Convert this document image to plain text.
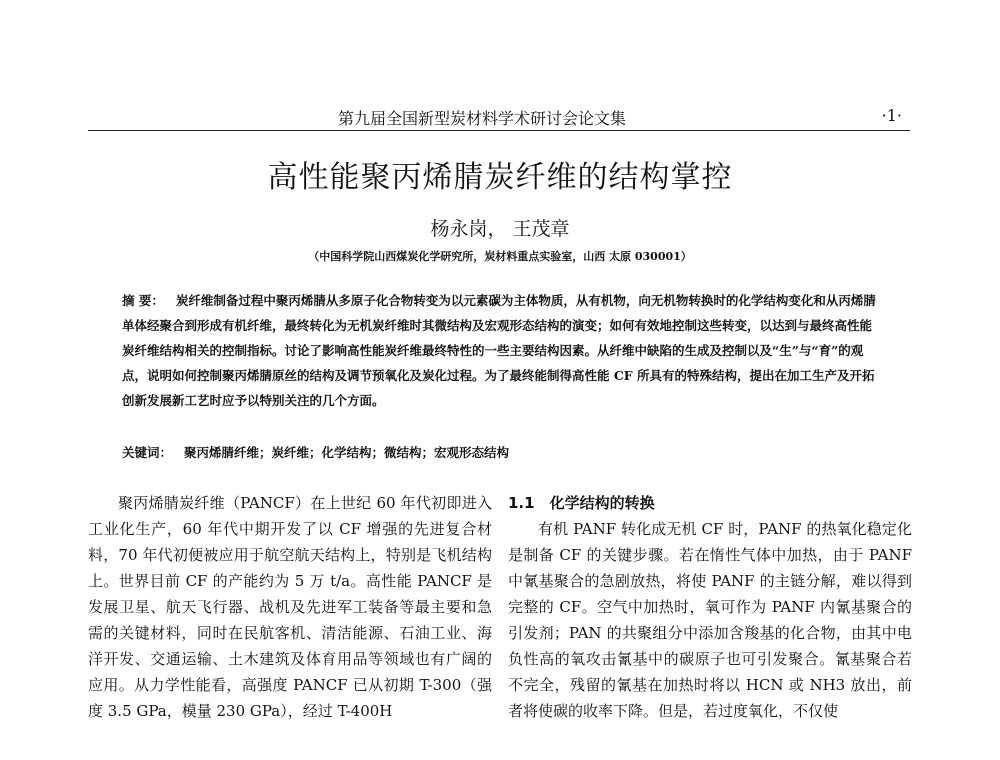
第九届全国新型炭材料学术研讨会论文集	·1·
高性能聚丙烯腈炭纤维的结构掌控
杨永岗， 王茂章
（中国科学院山西煤炭化学研究所，炭材料重点实验室，山西 太原 030001）

摘 要： 炭纤维制备过程中聚丙烯腈从多原子化合物转变为以元素碳为主体物质，从有机物，向无机物转换时的化学结构变化和从丙烯腈单体经聚合到形成有机纤维，最终转化为无机炭纤维时其微结构及宏观形态结构的演变；如何有效地控制这些转变，以达到与最终高性能炭纤维结构相关的控制指标。讨论了影响高性能炭纤维最终特性的一些主要结构因素。从纤维中缺陷的生成及控制以及“生”与“育”的观点，说明如何控制聚丙烯腈原丝的结构及调节预氧化及炭化过程。为了最终能制得高性能 CF 所具有的特殊结构，提出在加工生产及开拓创新发展新工艺时应予以特别关注的几个方面。

关键词： 聚丙烯腈纤维；炭纤维；化学结构；微结构；宏观形态结构

聚丙烯腈炭纤维（PANCF）在上世纪 60 年代初即进入工业化生产，60 年代中期开发了以 CF 增强的先进复合材料，70 年代初便被应用于航空航天结构上，特别是飞机结构上。世界目前 CF 的产能约为 5 万 t/a。高性能 PANCF 是发展卫星、航天飞行器、战机及先进军工装备等最主要和急需的关键材料，同时在民航客机、清洁能源、石油工业、海洋开发、交通运输、土木建筑及体育用品等领域也有广阔的应用。从力学性能看，高强度 PANCF 已从初期 T-300（强度 3.5 GPa，模量 230 GPa），经过 T-400H

1.1　化学结构的转换

有机 PANF 转化成无机 CF 时，PANF 的热氧化稳定化是制备 CF 的关键步骤。若在惰性气体中加热，由于 PANF 中氰基聚合的急剧放热，将使 PANF 的主链分解，难以得到完整的 CF。空气中加热时，氧可作为 PANF 内氰基聚合的引发剂；PAN 的共聚组分中添加含羧基的化合物，由其中电负性高的氧攻击氰基中的碳原子也可引发聚合。氰基聚合若不完全，残留的氰基在加热时将以 HCN 或 NH3 放出，前者将使碳的收率下降。但是，若过度氧化，不仅使
